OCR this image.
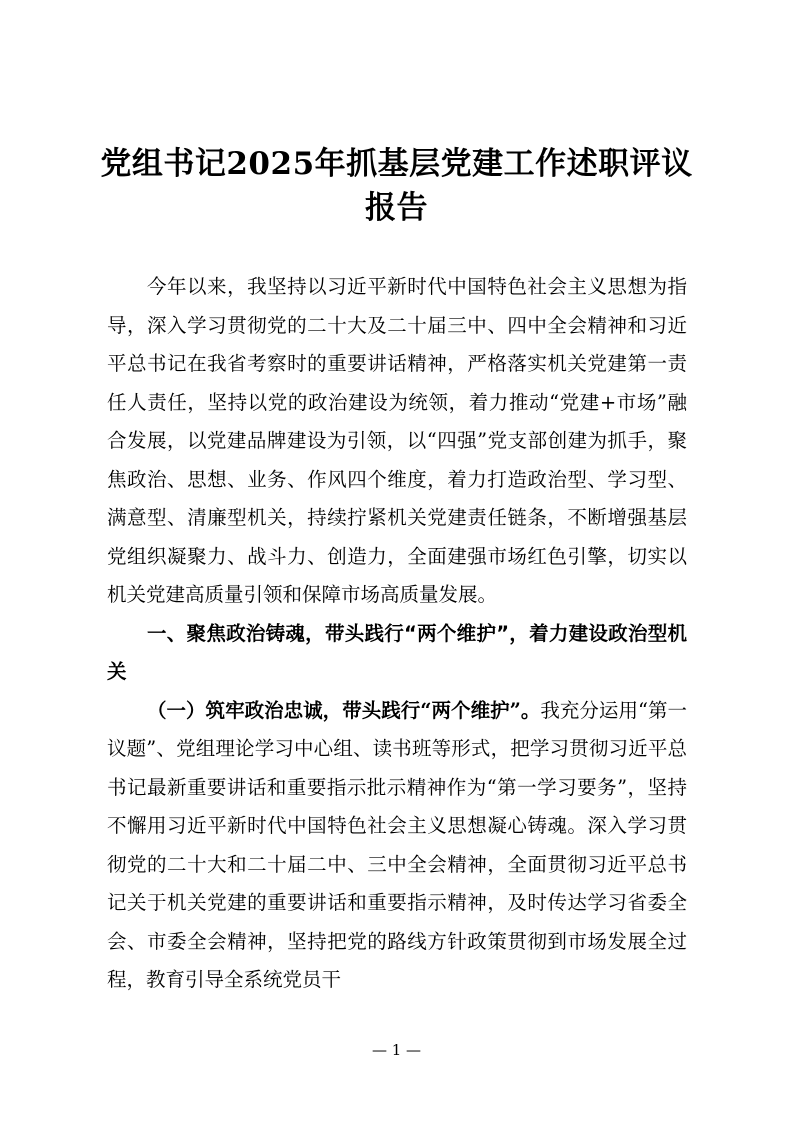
党组书记2025年抓基层党建工作述职评议报告

今年以来，我坚持以习近平新时代中国特色社会主义思想为指导，深入学习贯彻党的二十大及二十届三中、四中全会精神和习近平总书记在我省考察时的重要讲话精神，严格落实机关党建第一责任人责任，坚持以党的政治建设为统领，着力推动“党建+市场”融合发展，以党建品牌建设为引领，以“四强”党支部创建为抓手，聚焦政治、思想、业务、作风四个维度，着力打造政治型、学习型、满意型、清廉型机关，持续拧紧机关党建责任链条，不断增强基层党组织凝聚力、战斗力、创造力，全面建强市场红色引擎，切实以机关党建高质量引领和保障市场高质量发展。

一、聚焦政治铸魂，带头践行“两个维护”，着力建设政治型机关

（一）筑牢政治忠诚，带头践行“两个维护”。我充分运用“第一议题”、党组理论学习中心组、读书班等形式，把学习贯彻习近平总书记最新重要讲话和重要指示批示精神作为“第一学习要务”，坚持不懈用习近平新时代中国特色社会主义思想凝心铸魂。深入学习贯彻党的二十大和二十届二中、三中全会精神，全面贯彻习近平总书记关于机关党建的重要讲话和重要指示精神，及时传达学习省委全会、市委全会精神，坚持把党的路线方针政策贯彻到市场发展全过程，教育引导全系统党员干

— 1 —
